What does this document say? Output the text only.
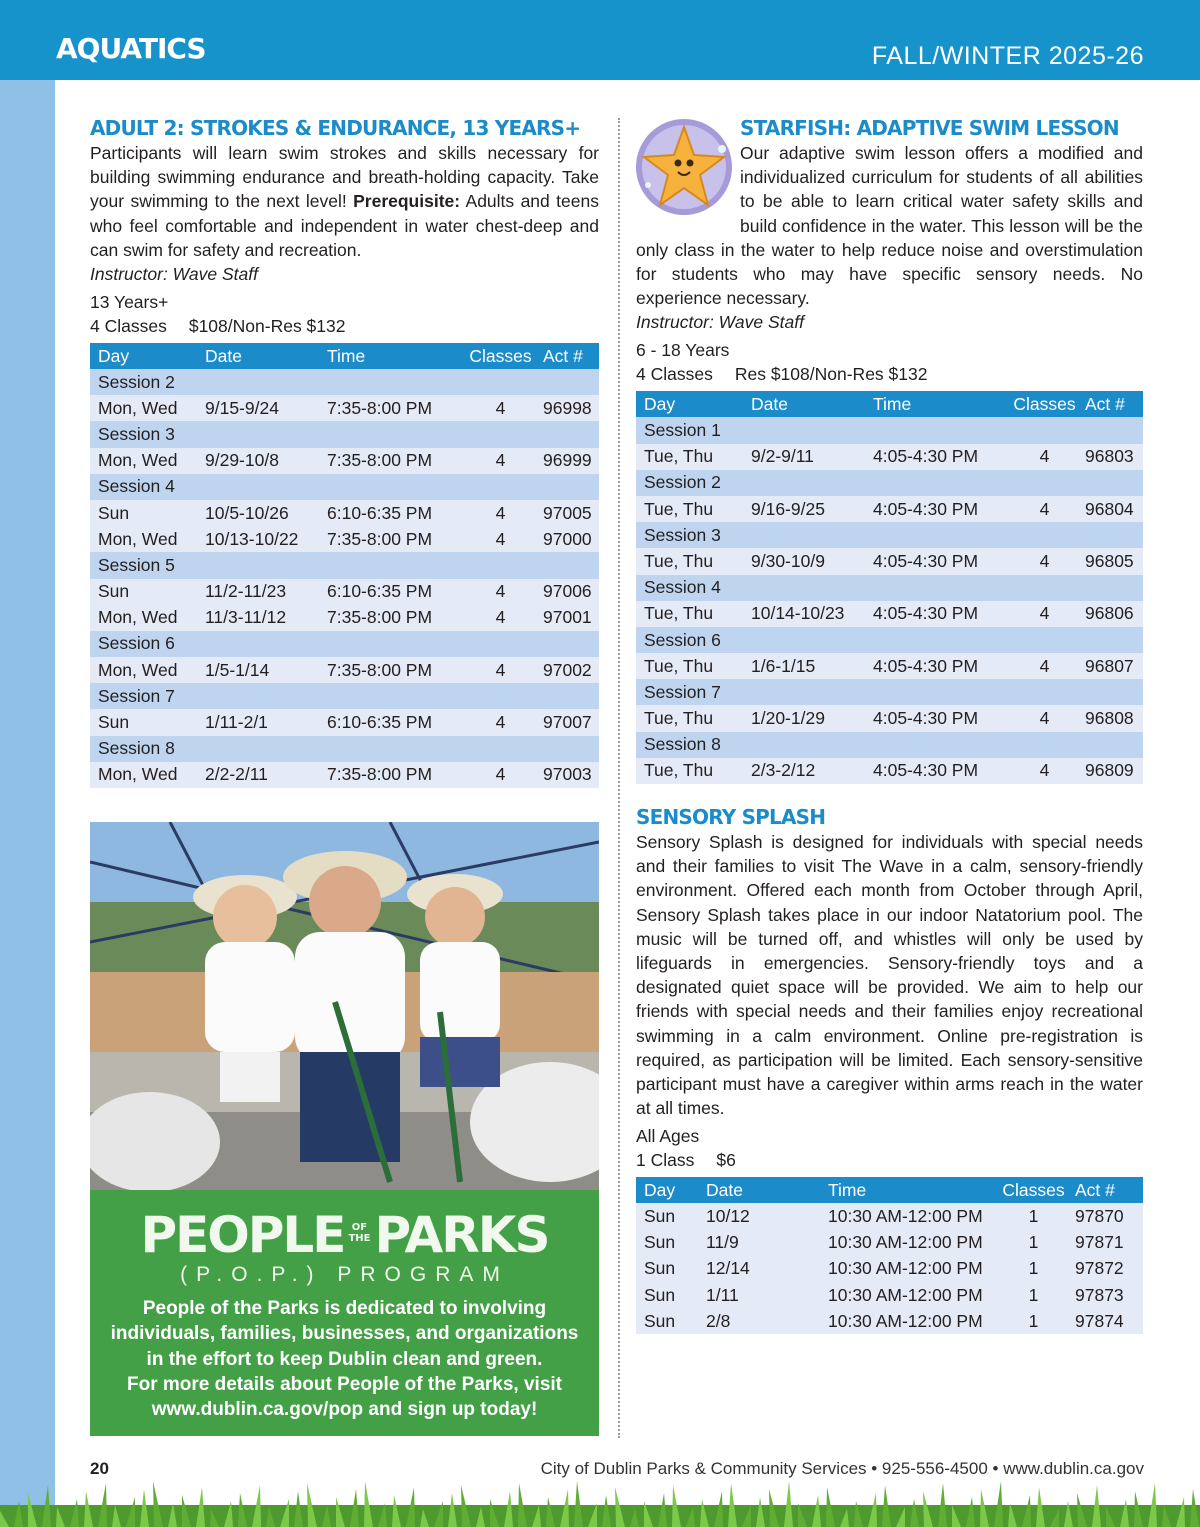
AQUATICS	FALL/WINTER 2025-26
ADULT 2: STROKES & ENDURANCE, 13 YEARS+

Participants will learn swim strokes and skills necessary for building swimming endurance and breath-holding capacity. Take your swimming to the next level! Prerequisite: Adults and teens who feel comfortable and independent in water chest-deep and can swim for safety and recreation.

Instructor: Wave Staff
13 Years+
4 Classes $108/Non-Res $132
Day	Date	Time	Classes	Act #
Session 2				
Mon, Wed	9/15-9/24	7:35-8:00 PM	4	96998
Session 3				
Mon, Wed	9/29-10/8	7:35-8:00 PM	4	96999
Session 4				
Sun	10/5-10/26	6:10-6:35 PM	4	97005
Mon, Wed	10/13-10/22	7:35-8:00 PM	4	97000
Session 5				
Sun	11/2-11/23	6:10-6:35 PM	4	97006
Mon, Wed	11/3-11/12	7:35-8:00 PM	4	97001
Session 6				
Mon, Wed	1/5-1/14	7:35-8:00 PM	4	97002
Session 7				
Sun	1/11-2/1	6:10-6:35 PM	4	97007
Session 8				
Mon, Wed	2/2-2/11	7:35-8:00 PM	4	97003
PEOPLE OF
THEPARKS
(P.O.P.) PROGRAM
People of the Parks is dedicated to involving individuals, families, businesses, and organizations in the effort to keep Dublin clean and green.
For more details about People of the Parks, visit www.dublin.ca.gov/pop and sign up today!
STARFISH: ADAPTIVE SWIM LESSON

Our adaptive swim lesson offers a modified and individualized curriculum for students of all abilities to be able to learn critical water safety skills and build confidence in the water. This lesson will be the only class in the water to help reduce noise and overstimulation for students who may have specific sensory needs. No experience necessary.

Instructor: Wave Staff
6 - 18 Years
4 Classes Res $108/Non-Res $132
Day	Date	Time	Classes	Act #
Session 1				
Tue, Thu	9/2-9/11	4:05-4:30 PM	4	96803
Session 2				
Tue, Thu	9/16-9/25	4:05-4:30 PM	4	96804
Session 3				
Tue, Thu	9/30-10/9	4:05-4:30 PM	4	96805
Session 4				
Tue, Thu	10/14-10/23	4:05-4:30 PM	4	96806
Session 6				
Tue, Thu	1/6-1/15	4:05-4:30 PM	4	96807
Session 7				
Tue, Thu	1/20-1/29	4:05-4:30 PM	4	96808
Session 8				
Tue, Thu	2/3-2/12	4:05-4:30 PM	4	96809
SENSORY SPLASH

Sensory Splash is designed for individuals with special needs and their families to visit The Wave in a calm, sensory-friendly environment. Offered each month from October through April, Sensory Splash takes place in our indoor Natatorium pool. The music will be turned off, and whistles will only be used by lifeguards in emergencies. Sensory-friendly toys and a designated quiet space will be provided. We aim to help our friends with special needs and their families enjoy recreational swimming in a calm environment. Online pre-registration is required, as participation will be limited. Each sensory-sensitive participant must have a caregiver within arms reach in the water at all times.

All Ages
1 Class $6
Day	Date	Time	Classes	Act #
Sun	10/12	10:30 AM-12:00 PM	1	97870
Sun	11/9	10:30 AM-12:00 PM	1	97871
Sun	12/14	10:30 AM-12:00 PM	1	97872
Sun	1/11	10:30 AM-12:00 PM	1	97873
Sun	2/8	10:30 AM-12:00 PM	1	97874
20	City of Dublin Parks & Community Services • 925-556-4500 • www.dublin.ca.gov
